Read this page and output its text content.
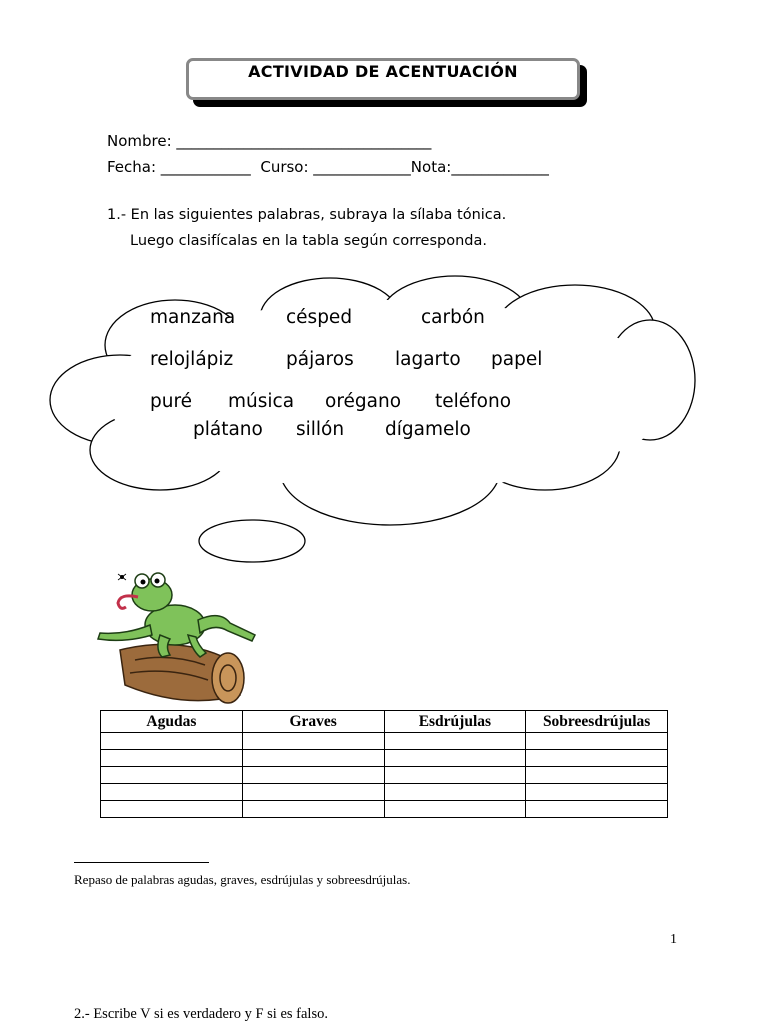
ACTIVIDAD DE ACENTUACIÓN
Nombre: __________________________________
Fecha: ____________  Curso: _____________Nota:_____________
1.- En las siguientes palabras, subraya la sílaba tónica.
Luego clasifícalas en la tabla según corresponda.
manzana	césped	carbón
relojlápiz	pájaros lagarto papel
puré música orégano teléfono
plátano sillón dígamelo
Agudas	Graves	Esdrújulas	Sobreesdrújulas

Repaso de palabras agudas, graves, esdrújulas y sobreesdrújulas.
1
2.- Escribe V si es verdadero y F si es falso.
